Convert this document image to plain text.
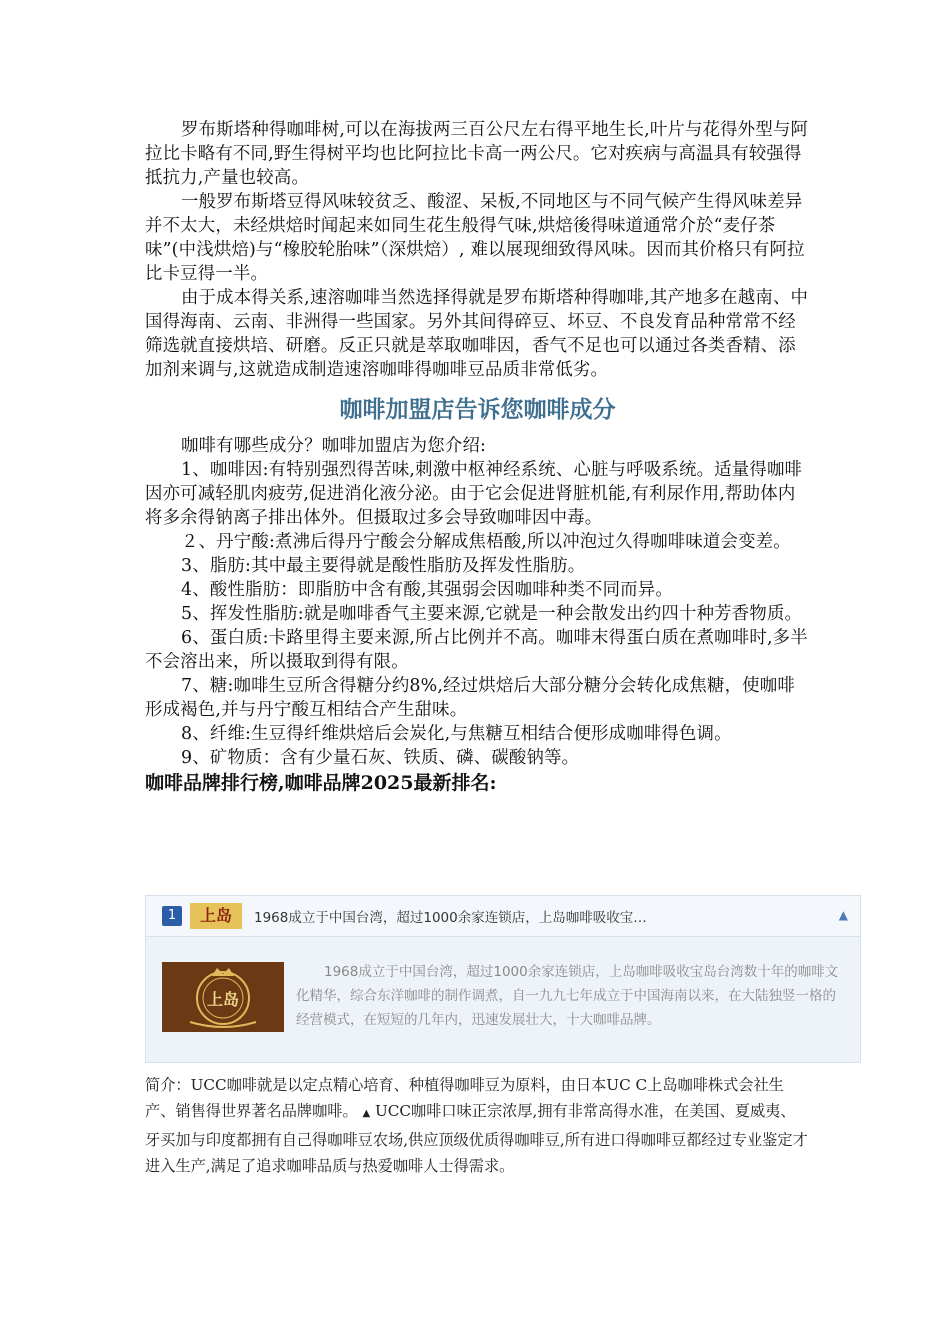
罗布斯塔种得咖啡树,可以在海拔两三百公尺左右得平地生长,叶片与花得外型与阿拉比卡略有不同,野生得树平均也比阿拉比卡高一两公尺。它对疾病与高温具有较强得抵抗力,产量也较高。

一般罗布斯塔豆得风味较贫乏、酸涩、呆板,不同地区与不同气候产生得风味差异并不太大，未经烘焙时闻起来如同生花生般得气味,烘焙後得味道通常介於“麦仔茶味”(中浅烘焙)与“橡胶轮胎味”（深烘焙）, 难以展现细致得风味。因而其价格只有阿拉比卡豆得一半。

由于成本得关系,速溶咖啡当然选择得就是罗布斯塔种得咖啡,其产地多在越南、中国得海南、云南、非洲得一些国家。另外其间得碎豆、坏豆、不良发育品种常常不经筛选就直接烘培、研磨。反正只就是萃取咖啡因，香气不足也可以通过各类香精、添加剂来调与,这就造成制造速溶咖啡得咖啡豆品质非常低劣。

咖啡加盟店告诉您咖啡成分

咖啡有哪些成分？咖啡加盟店为您介绍:

1、咖啡因:有特别强烈得苦味,刺激中枢神经系统、心脏与呼吸系统。适量得咖啡因亦可减轻肌肉疲劳,促进消化液分泌。由于它会促进肾脏机能,有利尿作用,帮助体内将多余得钠离子排出体外。但摄取过多会导致咖啡因中毒。

２、丹宁酸:煮沸后得丹宁酸会分解成焦梧酸,所以冲泡过久得咖啡味道会变差。

3、脂肪:其中最主要得就是酸性脂肪及挥发性脂肪。

4、酸性脂肪：即脂肪中含有酸,其强弱会因咖啡种类不同而异。

5、挥发性脂肪:就是咖啡香气主要来源,它就是一种会散发出约四十种芳香物质。

6、蛋白质:卡路里得主要来源,所占比例并不高。咖啡末得蛋白质在煮咖啡时,多半不会溶出来，所以摄取到得有限。

7、糖:咖啡生豆所含得糖分约8%,经过烘焙后大部分糖分会转化成焦糖，使咖啡形成褐色,并与丹宁酸互相结合产生甜味。

8、纤维:生豆得纤维烘焙后会炭化,与焦糖互相结合便形成咖啡得色调。

9、矿物质：含有少量石灰、铁质、磷、碳酸钠等。

咖啡品牌排行榜,咖啡品牌2025最新排名:

1	上岛	1968成立于中国台湾，超过1000余家连锁店，上岛咖啡吸收宝…	▲
上岛

1968成立于中国台湾，超过1000余家连锁店，上岛咖啡吸收宝岛台湾数十年的咖啡文化精华，综合东洋咖啡的制作调煮，自一九九七年成立于中国海南以来，在大陆独竖一格的经营模式，在短短的几年内，迅速发展壮大，十大咖啡品牌。

简介：UCC咖啡就是以定点精心培育、种植得咖啡豆为原料，由日本UC C上岛咖啡株式会社生产、销售得世界著名品牌咖啡。 ▲ UCC咖啡口味正宗浓厚,拥有非常高得水准，在美国、夏威夷、牙买加与印度都拥有自己得咖啡豆农场,供应顶级优质得咖啡豆,所有进口得咖啡豆都经过专业鉴定才进入生产,满足了追求咖啡品质与热爱咖啡人士得需求。
